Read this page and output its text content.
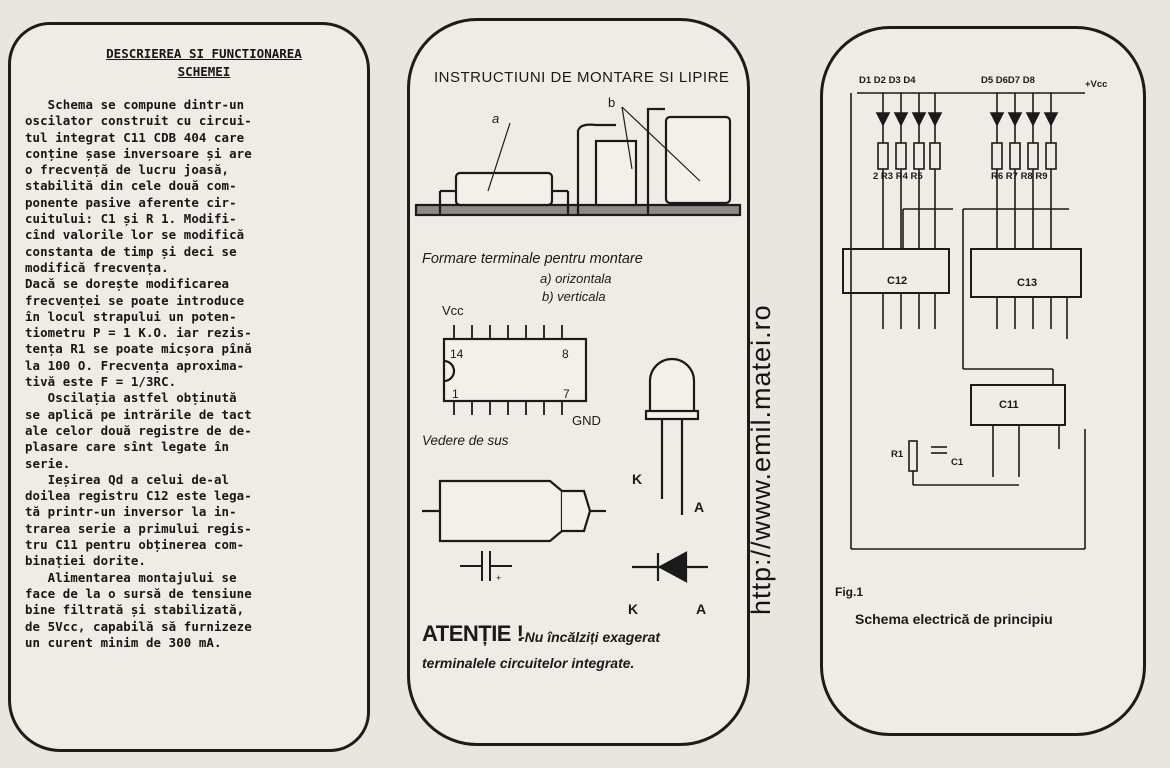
DESCRIEREA SI FUNCTIONAREA
SCHEMEI
Schema se compune dintr-un
oscilator construit cu circui-
tul integrat C11 CDB 404 care
conține șase inversoare și are
o frecvență de lucru joasă,
stabilită din cele două com-
ponente pasive aferente cir-
cuitului: C1 și R 1. Modifi-
cînd valorile lor se modifică
constanta de timp și deci se
modifică frecvența.
Dacă se dorește modificarea
frecvenței se poate introduce
în locul strapului un poten-
tiometru P = 1 K.O. iar rezis-
tența R1 se poate micșora pînă
la 100 O. Frecvența aproxima-
tivă este F = 1/3RC.
Oscilația astfel obținută
se aplică pe intrările de tact
ale celor două registre de de-
plasare care sînt legate în
serie.
Ieșirea Qd a celui de-al
doilea registru C12 este lega-
tă printr-un inversor la in-
trarea serie a primului regis-
tru C11 pentru obținerea com-
binației dorite.
Alimentarea montajului se
face de la o sursă de tensiune
bine filtrată și stabilizată,
de 5Vcc, capabilă să furnizeze
un curent minim de 300 mA.
INSTRUCTIUNI DE MONTARE SI LIPIRE
a
b
Formare terminale pentru montare
a) orizontala
b) verticala
Vcc
14	8
1	7
GND
Vedere de sus
K
A
+
K	A
ATENȚIE !
-Nu încălziți exagerat
terminalele circuitelor integrate.
http://www.emil.matei.ro
D1 D2 D3 D4	D5 D6D7 D8	+Vcc
2 R3 R4 R5	R6 R7 R8 R9
C12	C13
C11
R1
C1
Fig.1
Schema electrică de principiu
